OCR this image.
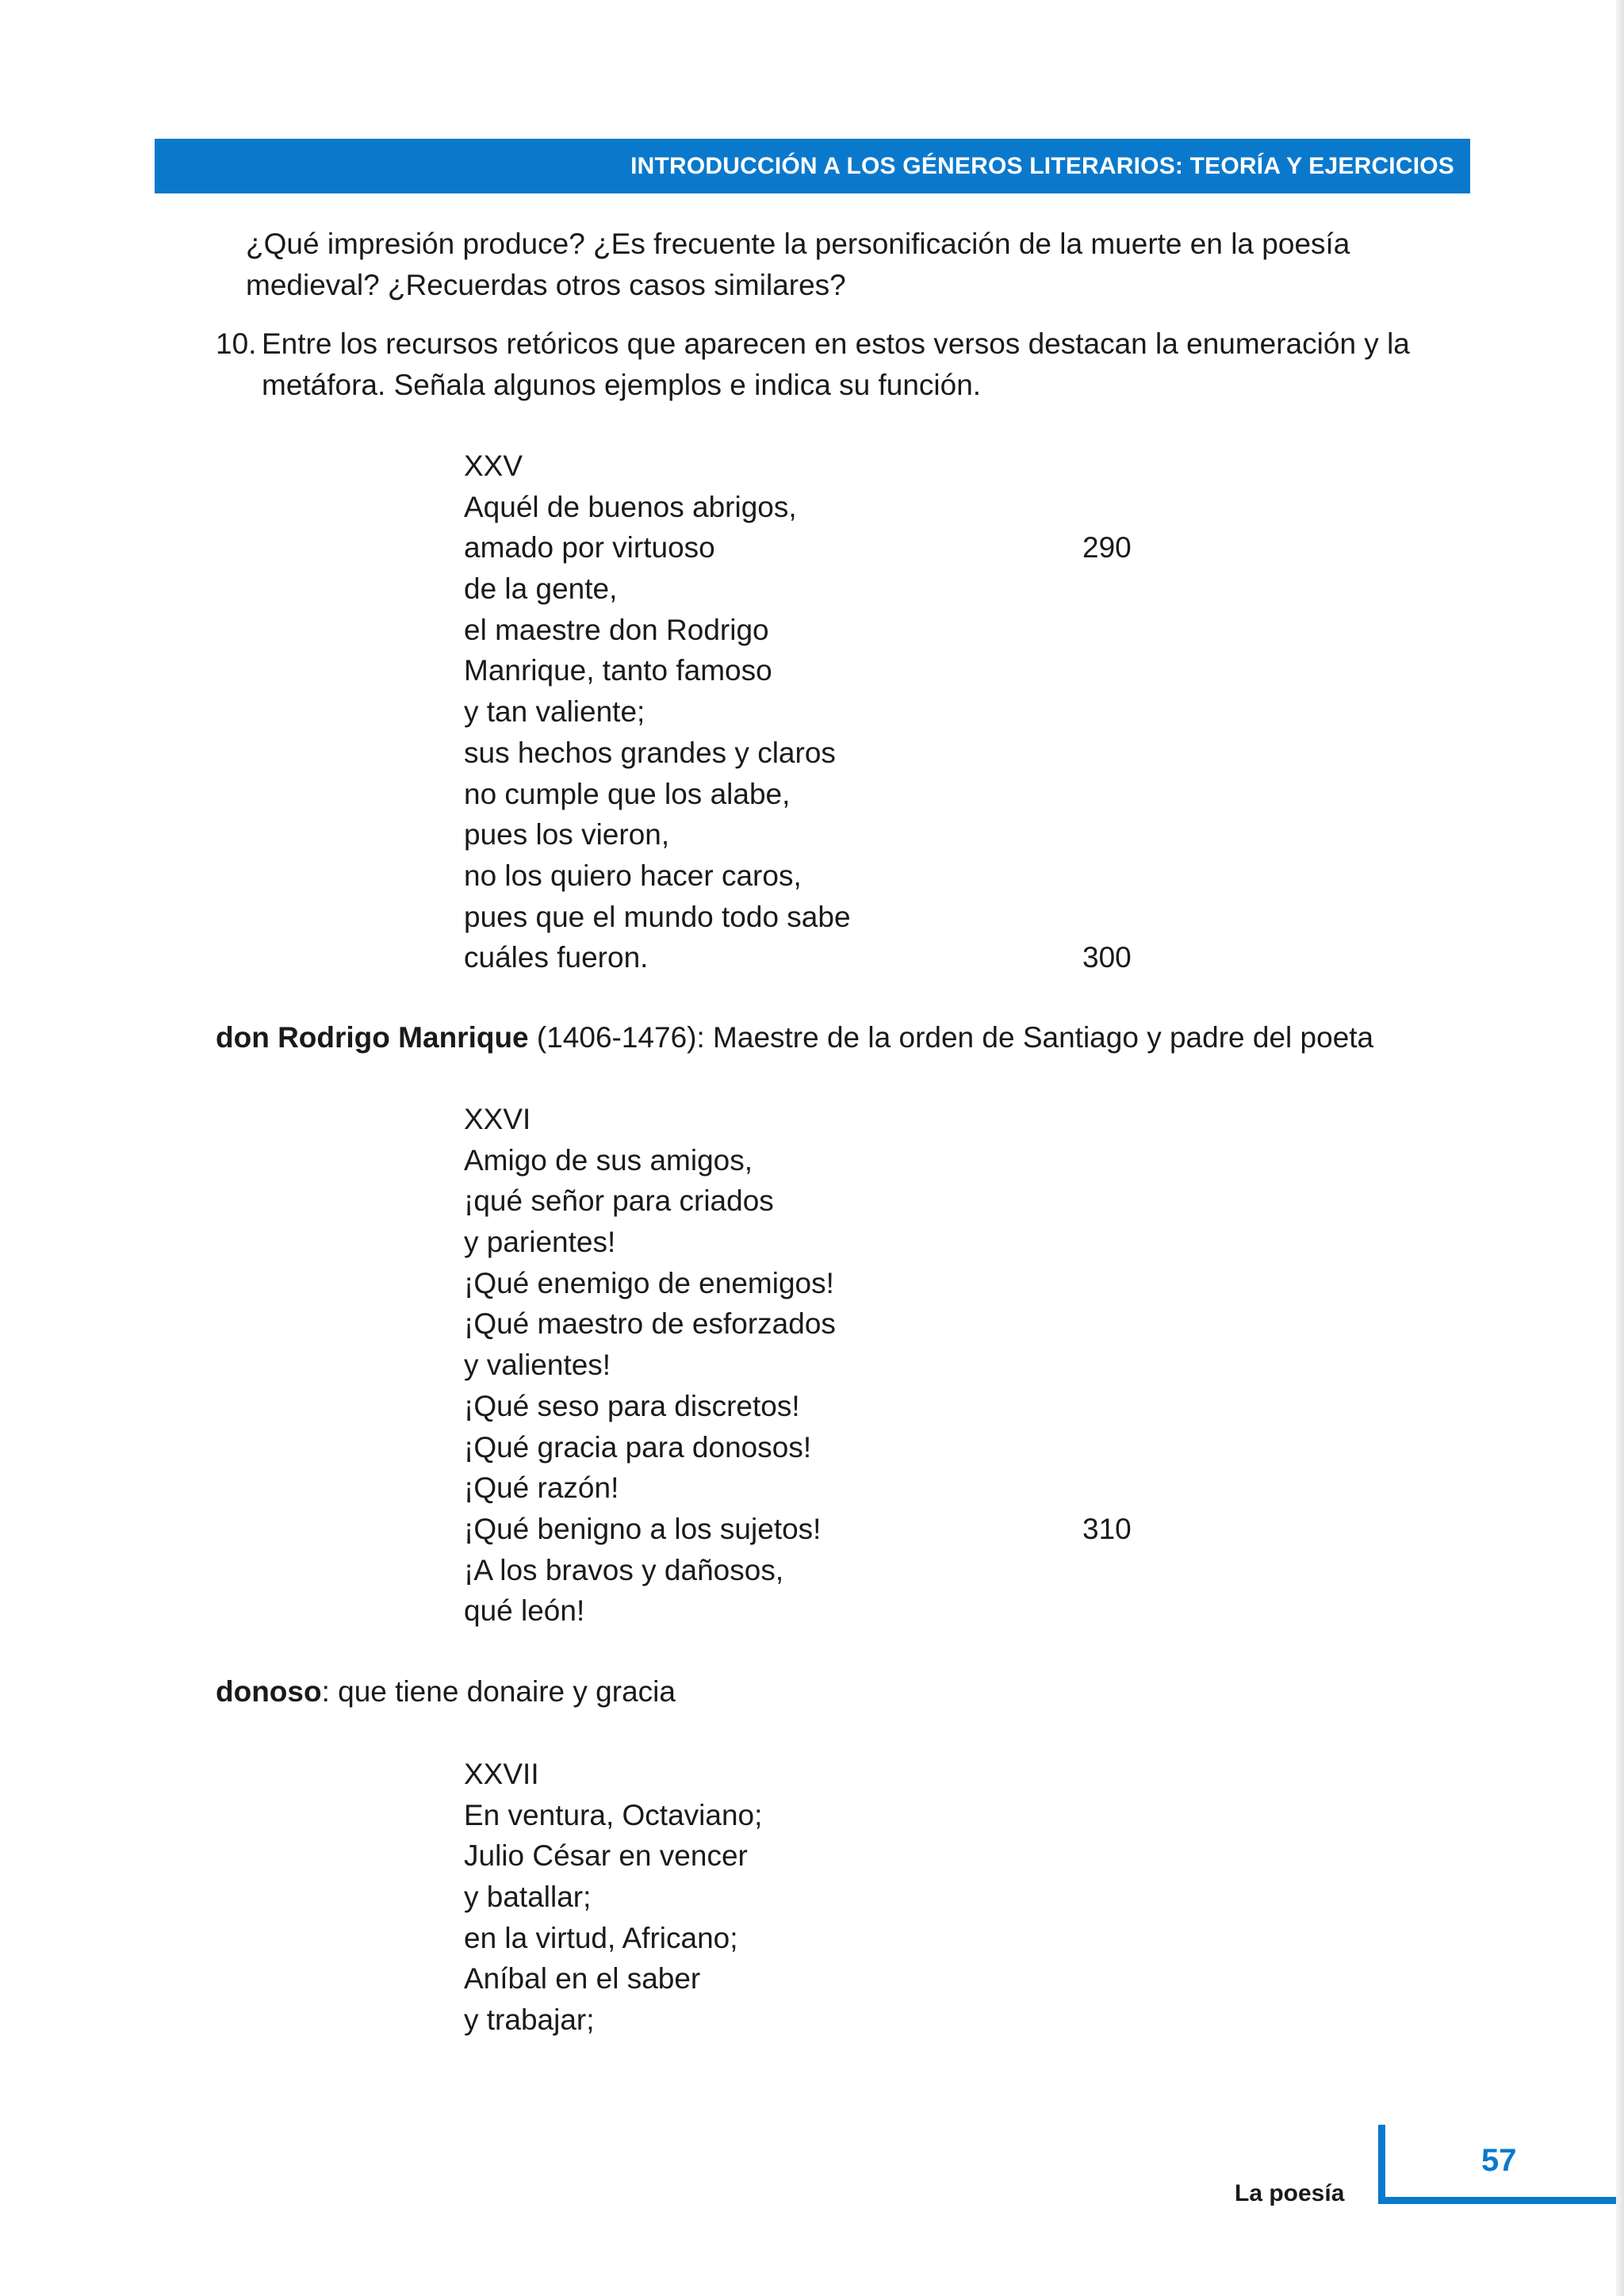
INTRODUCCIÓN A LOS GÉNEROS LITERARIOS: TEORÍA Y EJERCICIOS

¿Qué impresión produce? ¿Es frecuente la personificación de la muerte en la poesía medieval? ¿Recuerdas otros casos similares?

10. Entre los recursos retóricos que aparecen en estos versos destacan la enumeración y la metáfora. Señala algunos ejemplos e indica su función.
XXV
Aquél de buenos abrigos,
amado por virtuoso	290
de la gente,
el maestre don Rodrigo
Manrique, tanto famoso
y tan valiente;
sus hechos grandes y claros
no cumple que los alabe,
pues los vieron,
no los quiero hacer caros,
pues que el mundo todo sabe
cuáles fueron.	300
don Rodrigo Manrique (1406-1476): Maestre de la orden de Santiago y padre del poeta
XXVI
Amigo de sus amigos,
¡qué señor para criados
y parientes!
¡Qué enemigo de enemigos!
¡Qué maestro de esforzados
y valientes!
¡Qué seso para discretos!
¡Qué gracia para donosos!
¡Qué razón!
¡Qué benigno a los sujetos!	310
¡A los bravos y dañosos,
qué león!
donoso: que tiene donaire y gracia
XXVII
En ventura, Octaviano;
Julio César en vencer
y batallar;
en la virtud, Africano;
Aníbal en el saber
y trabajar;
La poesía
57
